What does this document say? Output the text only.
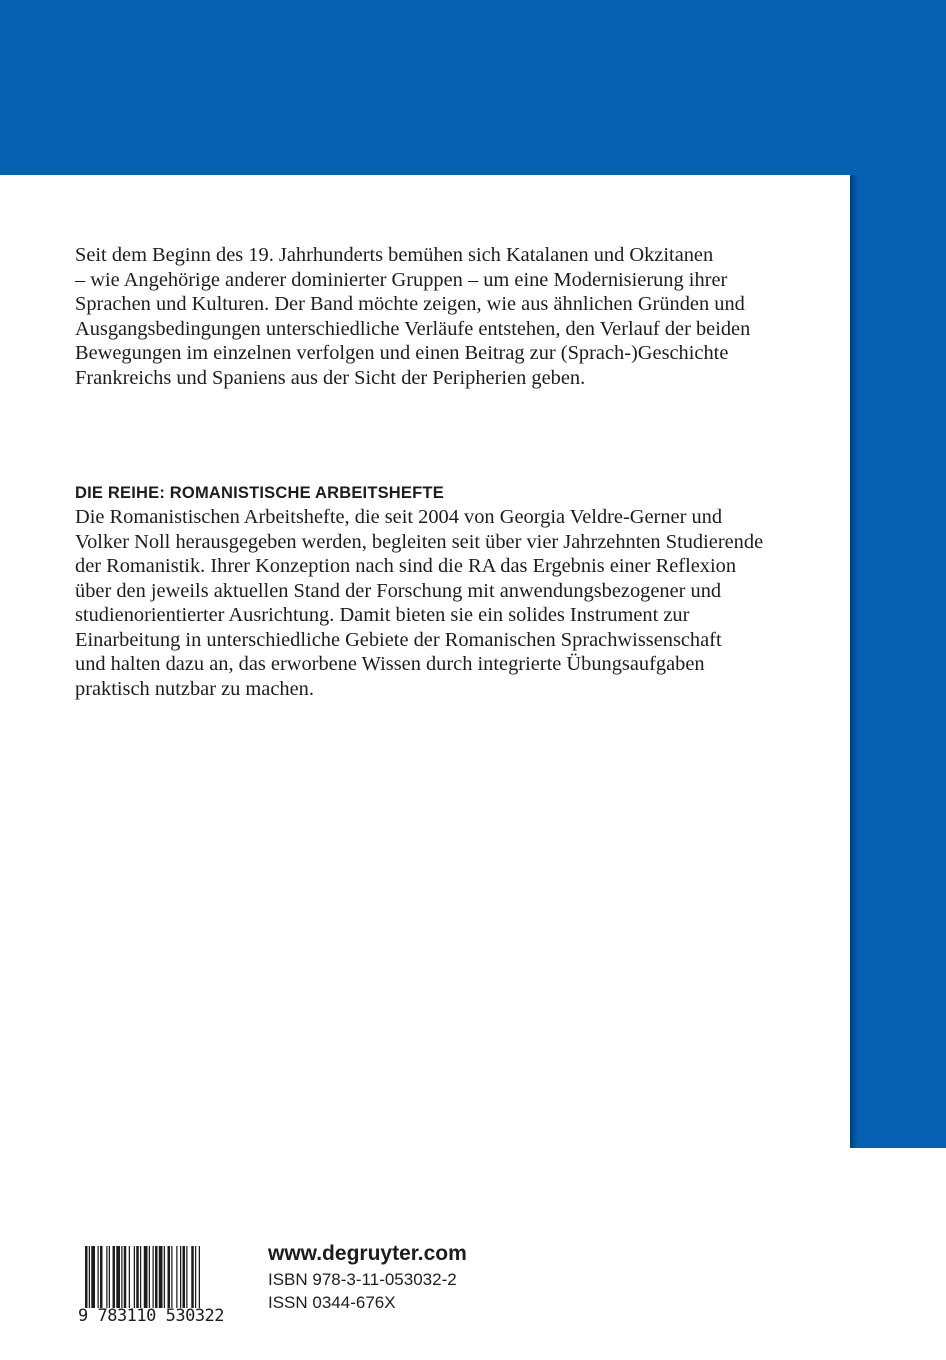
Seit dem Beginn des 19. Jahrhunderts bemühen sich Katalanen und Okzitanen
– wie Angehörige anderer dominierter Gruppen – um eine Modernisierung ihrer
Sprachen und Kulturen. Der Band möchte zeigen, wie aus ähnlichen Gründen und
Ausgangsbedingungen unterschiedliche Verläufe entstehen, den Verlauf der beiden
Bewegungen im einzelnen verfolgen und einen Beitrag zur (Sprach-)Geschichte
Frankreichs und Spaniens aus der Sicht der Peripherien geben.

DIE REIHE: ROMANISTISCHE ARBEITSHEFTE

Die Romanistischen Arbeitshefte, die seit 2004 von Georgia Veldre-Gerner und
Volker Noll herausgegeben werden, begleiten seit über vier Jahrzehnten Studierende
der Romanistik. Ihrer Konzeption nach sind die RA das Ergebnis einer Reflexion
über den jeweils aktuellen Stand der Forschung mit anwendungsbezogener und
studienorientierter Ausrichtung. Damit bieten sie ein solides Instrument zur
Einarbeitung in unterschiedliche Gebiete der Romanischen Sprachwissenschaft
und halten dazu an, das erworbene Wissen durch integrierte Übungsaufgaben
praktisch nutzbar zu machen.

9 783110 530322
www.degruyter.com
ISBN 978-3-11-053032-2
ISSN 0344-676X
